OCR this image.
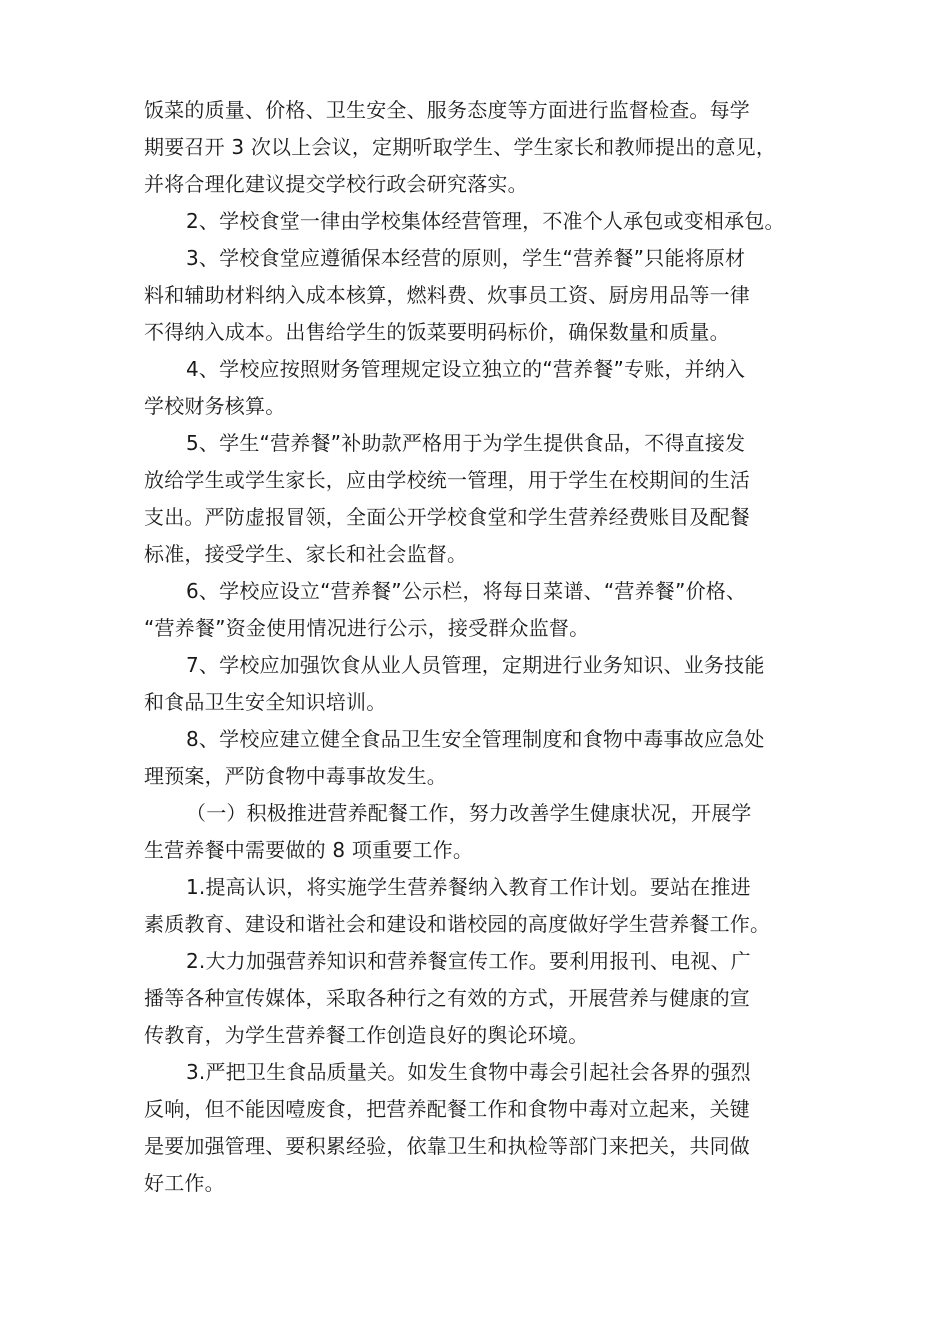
饭菜的质量、价格、卫生安全、服务态度等方面进行监督检查。每学
期要召开 3 次以上会议，定期听取学生、学生家长和教师提出的意见，
并将合理化建议提交学校行政会研究落实。
2、学校食堂一律由学校集体经营管理，不准个人承包或变相承包。
3、学校食堂应遵循保本经营的原则，学生“营养餐”只能将原材
料和辅助材料纳入成本核算，燃料费、炊事员工资、厨房用品等一律
不得纳入成本。出售给学生的饭菜要明码标价，确保数量和质量。
4、学校应按照财务管理规定设立独立的“营养餐”专账，并纳入
学校财务核算。
5、学生“营养餐”补助款严格用于为学生提供食品，不得直接发
放给学生或学生家长，应由学校统一管理，用于学生在校期间的生活
支出。严防虚报冒领，全面公开学校食堂和学生营养经费账目及配餐
标准，接受学生、家长和社会监督。
6、学校应设立“营养餐”公示栏，将每日菜谱、“营养餐”价格、
“营养餐”资金使用情况进行公示，接受群众监督。
7、学校应加强饮食从业人员管理，定期进行业务知识、业务技能
和食品卫生安全知识培训。
8、学校应建立健全食品卫生安全管理制度和食物中毒事故应急处
理预案，严防食物中毒事故发生。
（一）积极推进营养配餐工作，努力改善学生健康状况，开展学
生营养餐中需要做的 8 项重要工作。
1.提高认识，将实施学生营养餐纳入教育工作计划。要站在推进
素质教育、建设和谐社会和建设和谐校园的高度做好学生营养餐工作。
2.大力加强营养知识和营养餐宣传工作。要利用报刊、电视、广
播等各种宣传媒体，采取各种行之有效的方式，开展营养与健康的宣
传教育，为学生营养餐工作创造良好的舆论环境。
3.严把卫生食品质量关。如发生食物中毒会引起社会各界的强烈
反响，但不能因噎废食，把营养配餐工作和食物中毒对立起来，关键
是要加强管理、要积累经验，依靠卫生和执检等部门来把关，共同做
好工作。
